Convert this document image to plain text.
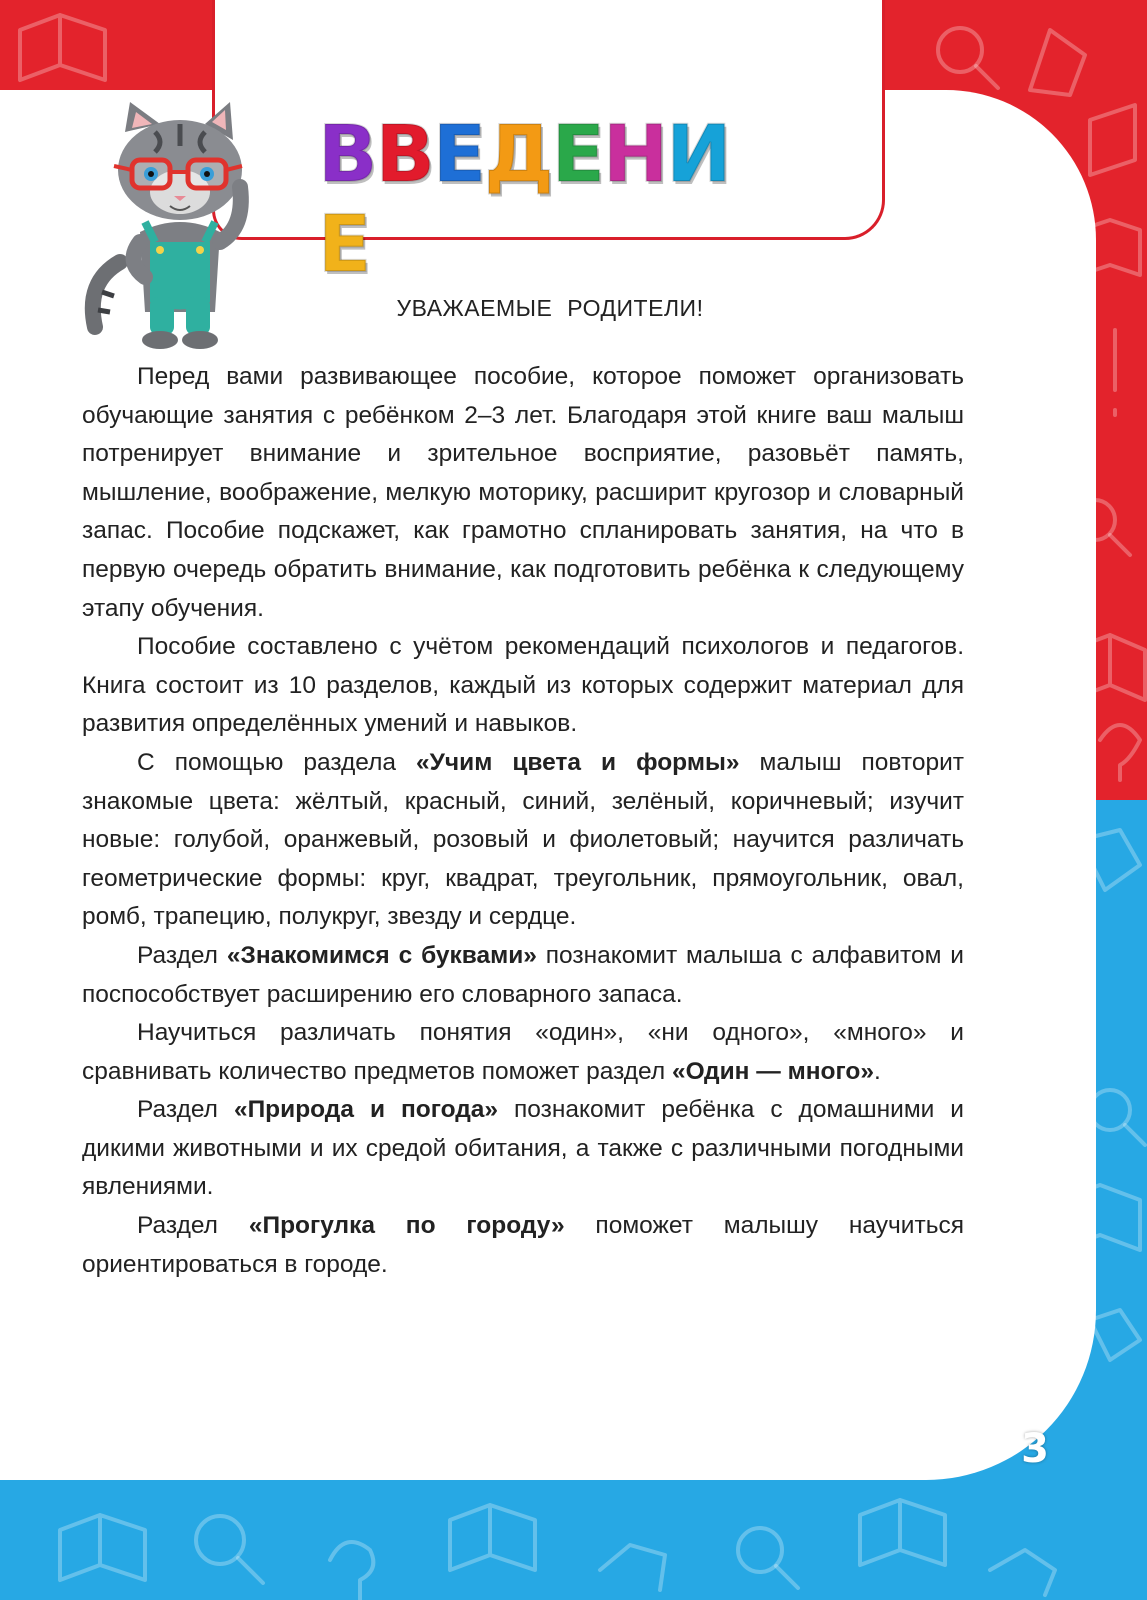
ВВЕДЕНИЕ
УВАЖАЕМЫЕ РОДИТЕЛИ!

Перед вами развивающее пособие, которое поможет организовать обучающие занятия с ребёнком 2–3 лет. Благодаря этой книге ваш малыш потренирует внимание и зрительное восприятие, разовьёт память, мышление, воображение, мелкую моторику, расширит кругозор и словарный запас. Пособие подскажет, как грамотно спланировать занятия, на что в первую очередь обратить внимание, как подготовить ребёнка к следующему этапу обучения.

Пособие составлено с учётом рекомендаций психологов и педагогов. Книга состоит из 10 разделов, каждый из которых содержит материал для развития определённых умений и навыков.

С помощью раздела «Учим цвета и формы» малыш повторит знакомые цвета: жёлтый, красный, синий, зелёный, коричневый; изучит новые: голубой, оранжевый, розовый и фиолетовый; научится различать геометрические формы: круг, квадрат, треугольник, прямоугольник, овал, ромб, трапецию, полукруг, звезду и сердце.

Раздел «Знакомимся с буквами» познакомит малыша с алфавитом и поспособствует расширению его словарного запаса.

Научиться различать понятия «один», «ни одного», «много» и сравнивать количество предметов поможет раздел «Один — много».

Раздел «Природа и погода» познакомит ребёнка с домашними и дикими животными и их средой обитания, а также с различными погодными явлениями.

Раздел «Прогулка по городу» поможет малышу научиться ориентироваться в городе.

3
